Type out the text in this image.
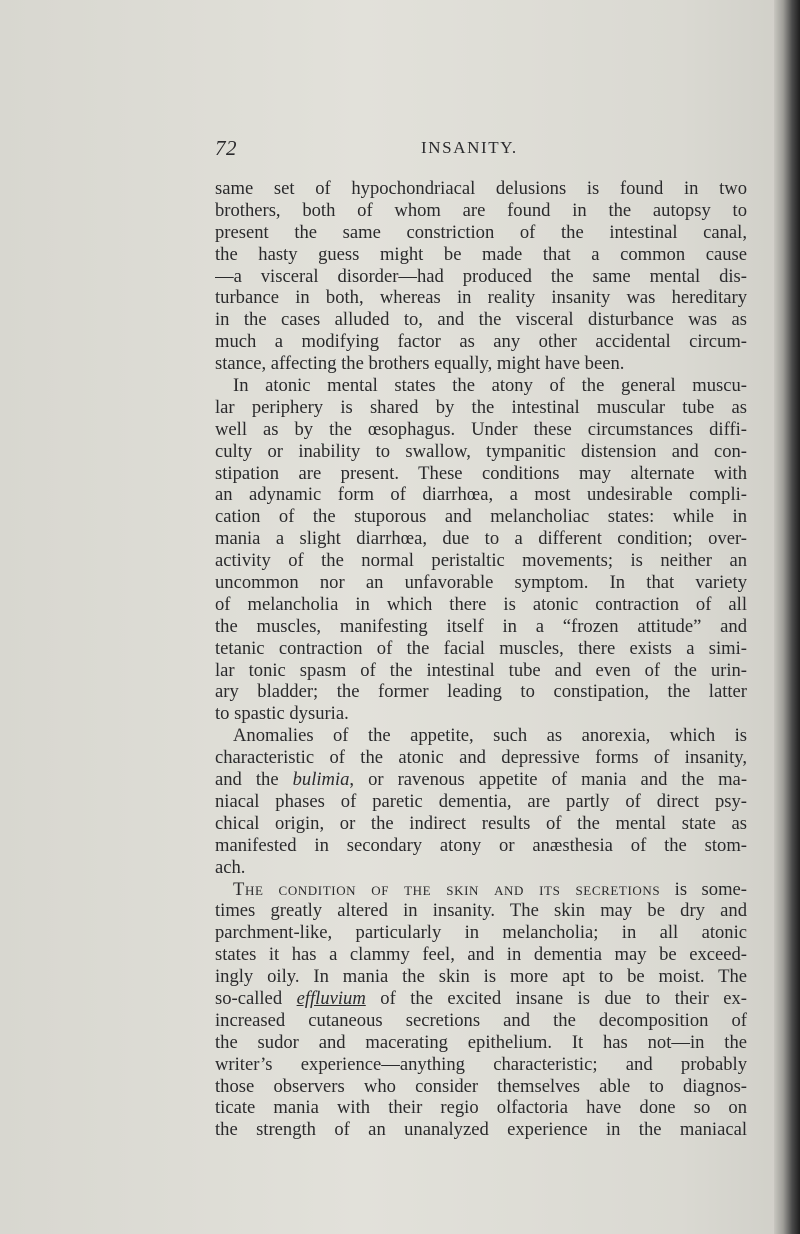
72	INSANITY.
same set of hypochondriacal delusions is found in two
brothers, both of whom are found in the autopsy to
present the same constriction of the intestinal canal,
the hasty guess might be made that a common cause
—a visceral disorder—had produced the same mental dis-
turbance in both, whereas in reality insanity was hereditary
in the cases alluded to, and the visceral disturbance was as
much a modifying factor as any other accidental circum-
stance, affecting the brothers equally, might have been.
In atonic mental states the atony of the general muscu-
lar periphery is shared by the intestinal muscular tube as
well as by the œsophagus. Under these circumstances diffi-
culty or inability to swallow, tympanitic distension and con-
stipation are present. These conditions may alternate with
an adynamic form of diarrhœa, a most undesirable compli-
cation of the stuporous and melancholiac states: while in
mania a slight diarrhœa, due to a different condition; over-
activity of the normal peristaltic movements; is neither an
uncommon nor an unfavorable symptom. In that variety
of melancholia in which there is atonic contraction of all
the muscles, manifesting itself in a “frozen attitude” and
tetanic contraction of the facial muscles, there exists a simi-
lar tonic spasm of the intestinal tube and even of the urin-
ary bladder; the former leading to constipation, the latter
to spastic dysuria.
Anomalies of the appetite, such as anorexia, which is
characteristic of the atonic and depressive forms of insanity,
and the bulimia, or ravenous appetite of mania and the ma-
niacal phases of paretic dementia, are partly of direct psy-
chical origin, or the indirect results of the mental state as
manifested in secondary atony or anæsthesia of the stom-
ach.
The condition of the skin and its secretions is some-
times greatly altered in insanity. The skin may be dry and
parchment-like, particularly in melancholia; in all atonic
states it has a clammy feel, and in dementia may be exceed-
ingly oily. In mania the skin is more apt to be moist. The
so-called effluvium of the excited insane is due to their ex-
increased cutaneous secretions and the decomposition of
the sudor and macerating epithelium. It has not—in the
writer’s experience—anything characteristic; and probably
those observers who consider themselves able to diagnos-
ticate mania with their regio olfactoria have done so on
the strength of an unanalyzed experience in the maniacal
